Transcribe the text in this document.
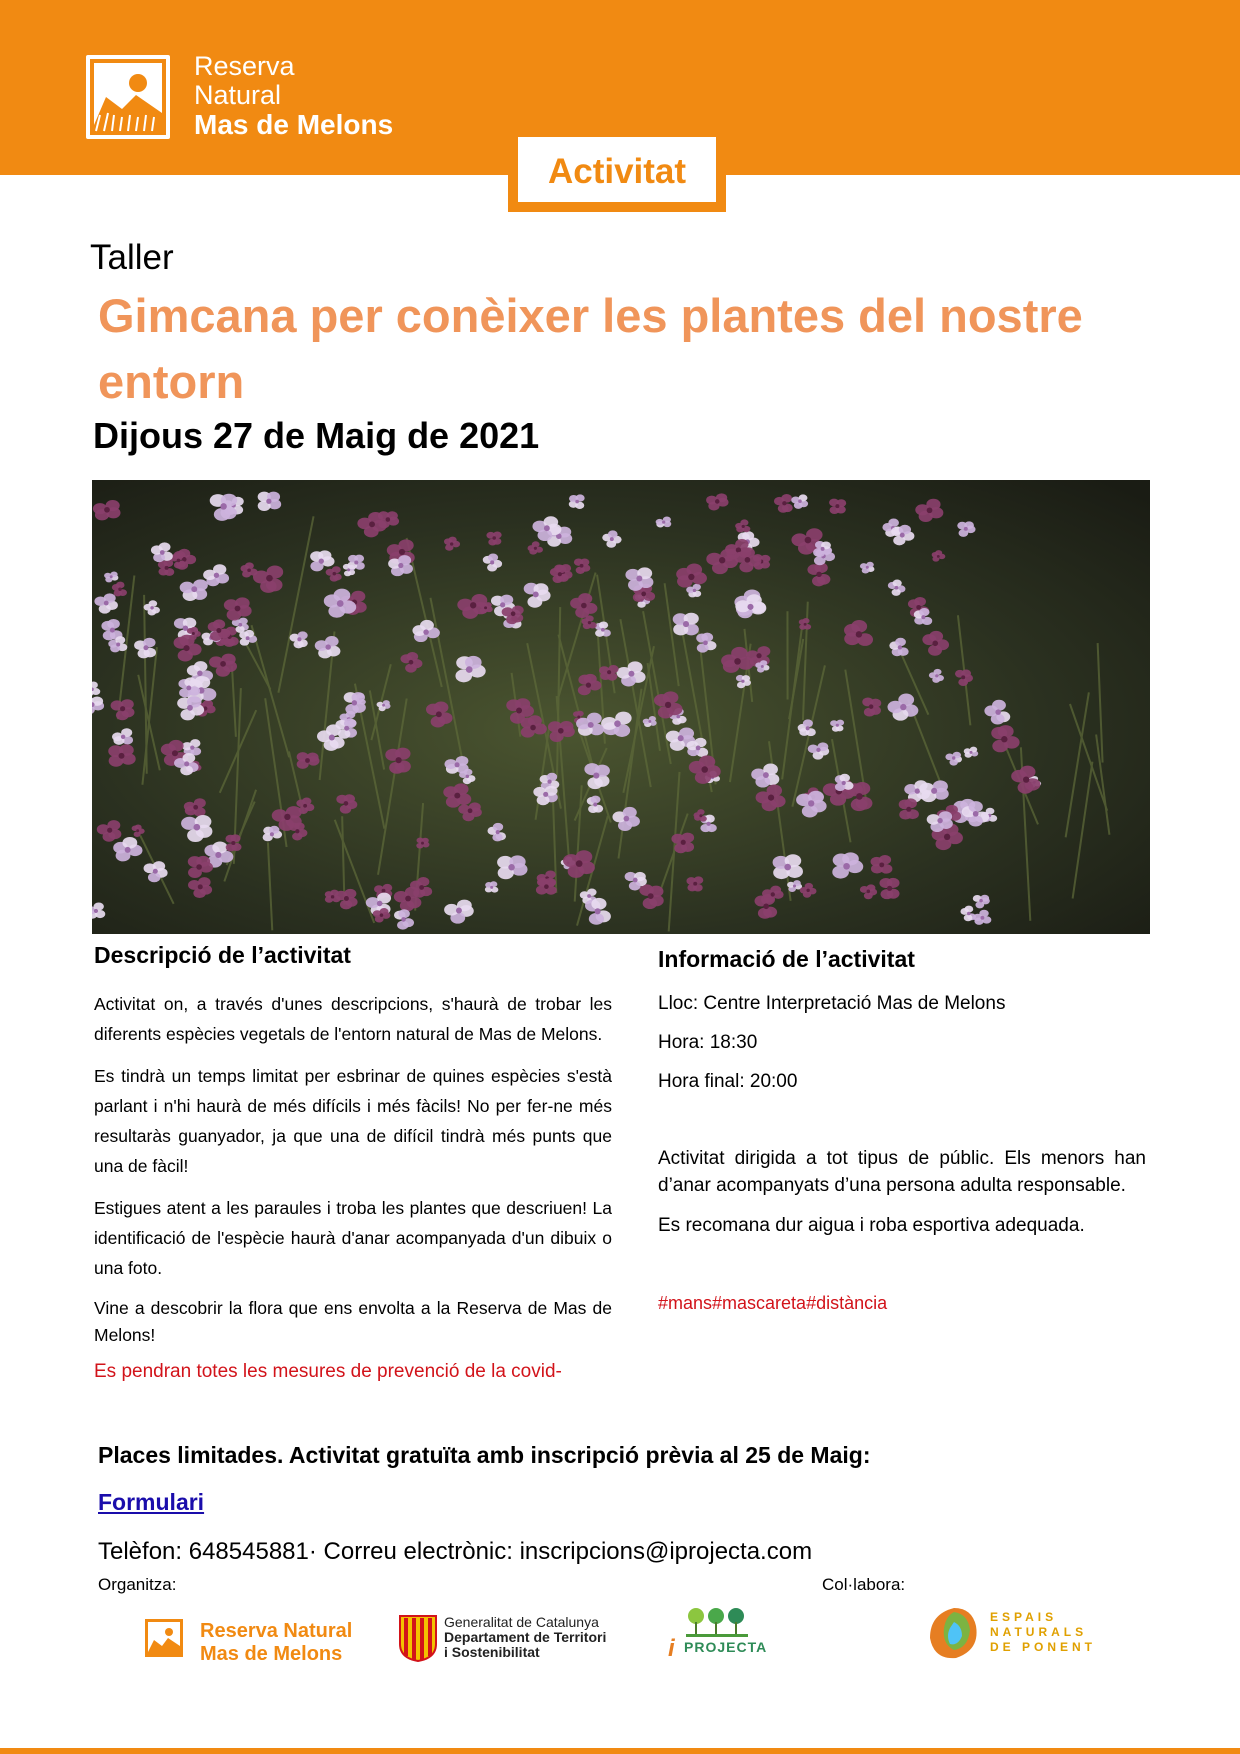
Reserva
Natural
Mas de Melons
Activitat
Taller
Gimcana per conèixer les plantes del nostre entorn
Dijous 27 de Maig de 2021
Descripció de l’activitat

Activitat on, a través d'unes descripcions, s'haurà de trobar les diferents espècies vegetals de l'entorn natural de Mas de Melons.

Es tindrà un temps limitat per esbrinar de quines espècies s'està parlant i n'hi haurà de més difícils i més fàcils! No per fer-ne més resultaràs guanyador, ja que una de difícil tindrà més punts que una de fàcil!

Estigues atent a les paraules i troba les plantes que descriuen! La identificació de l'espècie haurà d'anar acompanyada d'un dibuix o una foto.

Vine a descobrir la flora que ens envolta a la Reserva de Mas de Melons!

Es pendran totes les mesures de prevenció de la covid-
Informació de l’activitat

Lloc: Centre Interpretació Mas de Melons

Hora: 18:30

Hora final: 20:00

Activitat dirigida a tot tipus de públic. Els menors han d’anar acompanyats d’una persona adulta responsable.

Es recomana dur aigua i roba esportiva adequada.

#mans#mascareta#distància
Places limitades. Activitat gratuïta amb inscripció prèvia al 25 de Maig:
Formulari
Telèfon: 648545881· Correu electrònic: inscripcions@iprojecta.com
Organitza:	Col·labora:
Reserva Natural
Mas de Melons
Generalitat de Catalunya
Departament de Territori
i Sostenibilitat	i PROJECTA
ESPAIS
NATURALS
DE PONENT
